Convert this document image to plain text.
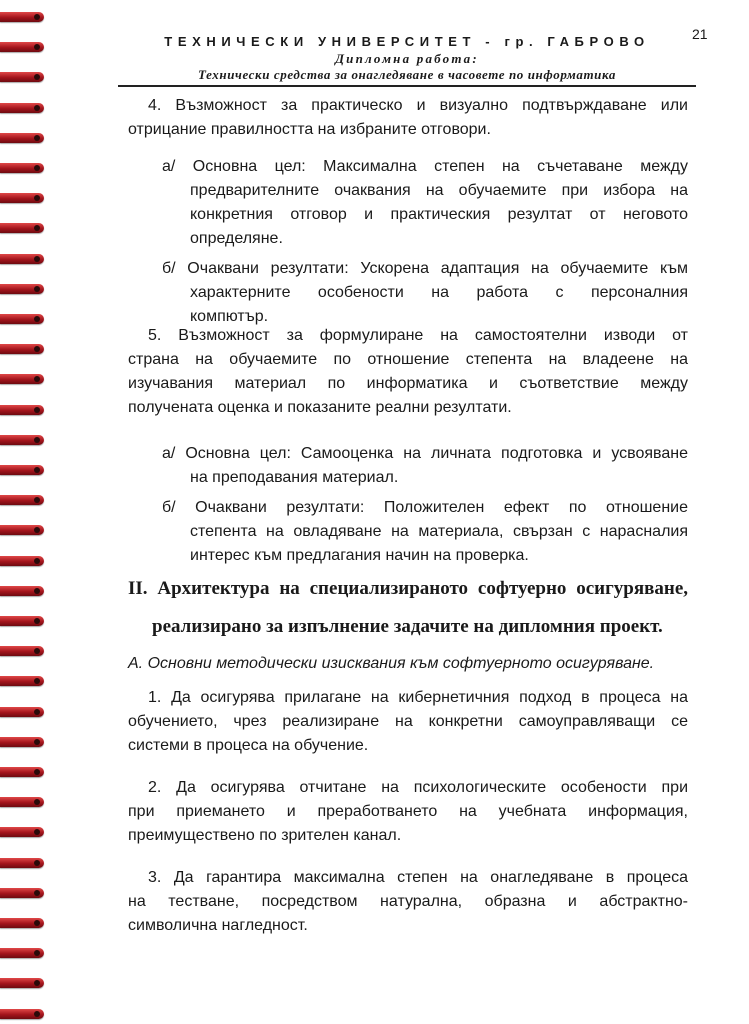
21
ТЕХНИЧЕСКИ УНИВЕРСИТЕТ - гр. ГАБРОВО
Дипломна работа:
Технически средства за онагледяване в часовете по информатика
4. Възможност за практическо и визуално подтвърждаване или
отрицание правилността на избраните отговори.
а/ Основна цел: Максимална степен на съчетаване между
предварителните очаквания на обучаемите при избора на
конкретния отговор и практическия резултат от неговото
определяне.
б/ Очаквани резултати: Ускорена адаптация на обучаемите към
характерните особености на работа с персоналния
компютър.
5. Възможност за формулиране на самостоятелни изводи от
страна на обучаемите по отношение степента на владеене на
изучавания материал по информатика и съответствие между
получената оценка и показаните реални резултати.
а/ Основна цел: Самооценка на личната подготовка и усвояване
на преподавания материал.
б/ Очаквани резултати: Положителен ефект по отношение
степента на овладяване на материала, свързан с нарасналия
интерес към предлагания начин на проверка.
II. Архитектура на специализираното софтуерно осигуряване,
реализирано за изпълнение задачите на дипломния проект.
А. Основни методически изисквания към софтуерното осигуряване.
1. Да осигурява прилагане на кибернетичния подход в процеса на
обучението, чрез реализиране на конкретни самоуправляващи се
системи в процеса на обучение.
2. Да осигурява отчитане на психологическите особености при
при приемането и преработването на учебната информация,
преимуществено по зрителен канал.
3. Да гарантира максимална степен на онагледяване в процеса
на тестване, посредством натурална, образна и абстрактно-
символична нагледност.
